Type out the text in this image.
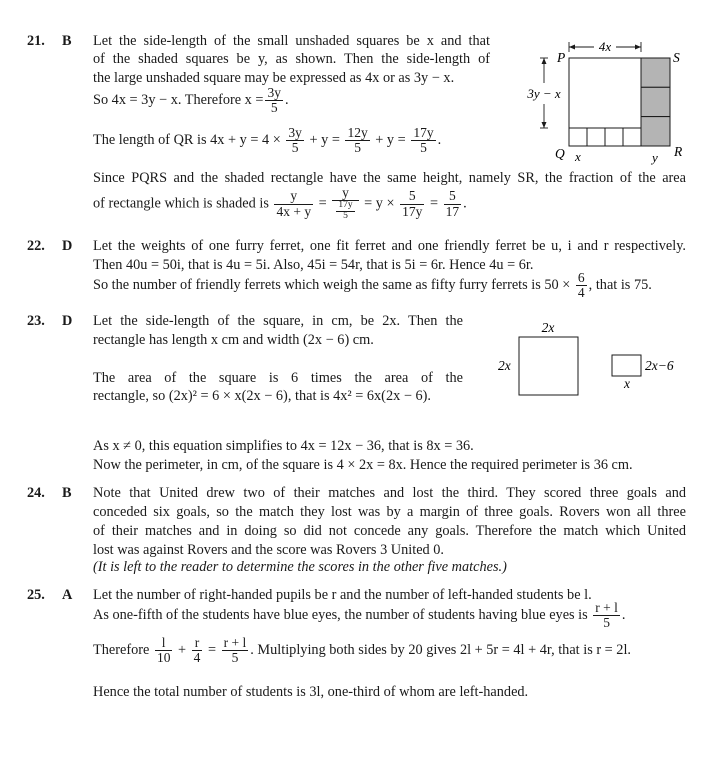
21. B Let the side-length of the small unshaded squares be x and that
of the shaded squares be y, as shown. Then the side-length of
the large unshaded square may be expressed as 4x or as 3y − x.
So 4x = 3y − x. Therefore $x = \frac{3y}{5}$ .
The length of QR is $4x + y = 4 \times \frac{3y}{5} + y = \frac{12y}{5} + y = \frac{17y}{5}$ .
Since PQRS and the shaded rectangle have the same height, namely SR, the fraction of the area
of rectangle which is shaded is $\frac{y}{4x + y} = \frac{y}{\frac{17y}{5}} = y \times \frac{5}{17y} = \frac{5}{17}$ .
4x
3y − x
P	S
Q	R
x	y
22. D Let the weights of one furry ferret, one fit ferret and one friendly ferret be u, i and r respectively.
Then 40u = 50i, that is 4u = 5i. Also, 45i = 54r, that is 5i = 6r. Hence 4u = 6r.
So the number of friendly ferrets which weigh the same as fifty furry ferrets is $50 \times \frac{6}{4}$ , that is 75.
23. D Let the side-length of the square, in cm, be 2x. Then the
rectangle has length x cm and width (2x − 6) cm.
The area of the square is 6 times the area of the
rectangle, so (2x)² = 6 × x(2x − 6), that is 4x² = 6x(2x − 6).
2x
2x	2x−6
x
As x ≠ 0, this equation simplifies to 4x = 12x − 36, that is 8x = 36.
Now the perimeter, in cm, of the square is 4 × 2x = 8x. Hence the required perimeter is 36 cm.
24. B Note that United drew two of their matches and lost the third. They scored three goals and
conceded six goals, so the match they lost was by a margin of three goals. Rovers won all three
of their matches and in doing so did not concede any goals. Therefore the match which United
lost was against Rovers and the score was Rovers 3 United 0.
(It is left to the reader to determine the scores in the other five matches.)
25. A Let the number of right-handed pupils be r and the number of left-handed students be l.
As one-fifth of the students have blue eyes, the number of students having blue eyes is $\frac{r + l}{5}$ .
Therefore $\frac{l}{10} + \frac{r}{4} = \frac{r + l}{5}$ . Multiplying both sides by 20 gives 2l + 5r = 4l + 4r, that is r = 2l.
Hence the total number of students is 3l, one-third of whom are left-handed.
